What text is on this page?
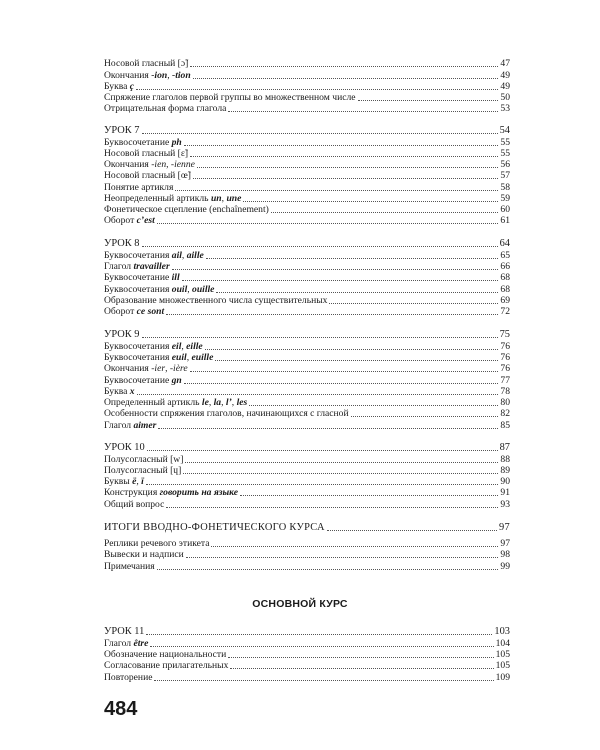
Носовой гласный [ɔ̃]	47
Окончания -ion, -tion	49
Буква ç	49
Спряжение глаголов первой группы во множественном числе	50
Отрицательная форма глагола	53
УРОК 7	54
Буквосочетание ph	55
Носовой гласный [ɛ̃]	55
Окончания -ien, -ienne	56
Носовой гласный [œ̃]	57
Понятие артикля	58
Неопределенный артикль un, une	59
Фонетическое сцепление (enchaînement)	60
Оборот c’est	61
УРОК 8	64
Буквосочетания ail, aille	65
Глагол travailler	66
Буквосочетание ill	68
Буквосочетания ouil, ouille	68
Образование множественного числа существительных	69
Оборот ce sont	72
УРОК 9	75
Буквосочетания eil, eille	76
Буквосочетания euil, euille	76
Окончания -ier, -ière	76
Буквосочетание gn	77
Буква x	78
Определенный артикль le, la, l’, les	80
Особенности спряжения глаголов, начинающихся с гласной	82
Глагол aimer	85
УРОК 10	87
Полусогласный [w]	88
Полусогласный [ɥ]	89
Буквы ë, ï	90
Конструкция говорить на языке	91
Общий вопрос	93
ИТОГИ ВВОДНО-ФОНЕТИЧЕСКОГО КУРСА	97
Реплики речевого этикета	97
Вывески и надписи	98
Примечания	99
УРОК 11	103
Глагол être	104
Обозначение национальности	105
Согласование прилагательных	105
Повторение	109
ОСНОВНОЙ КУРС
484
